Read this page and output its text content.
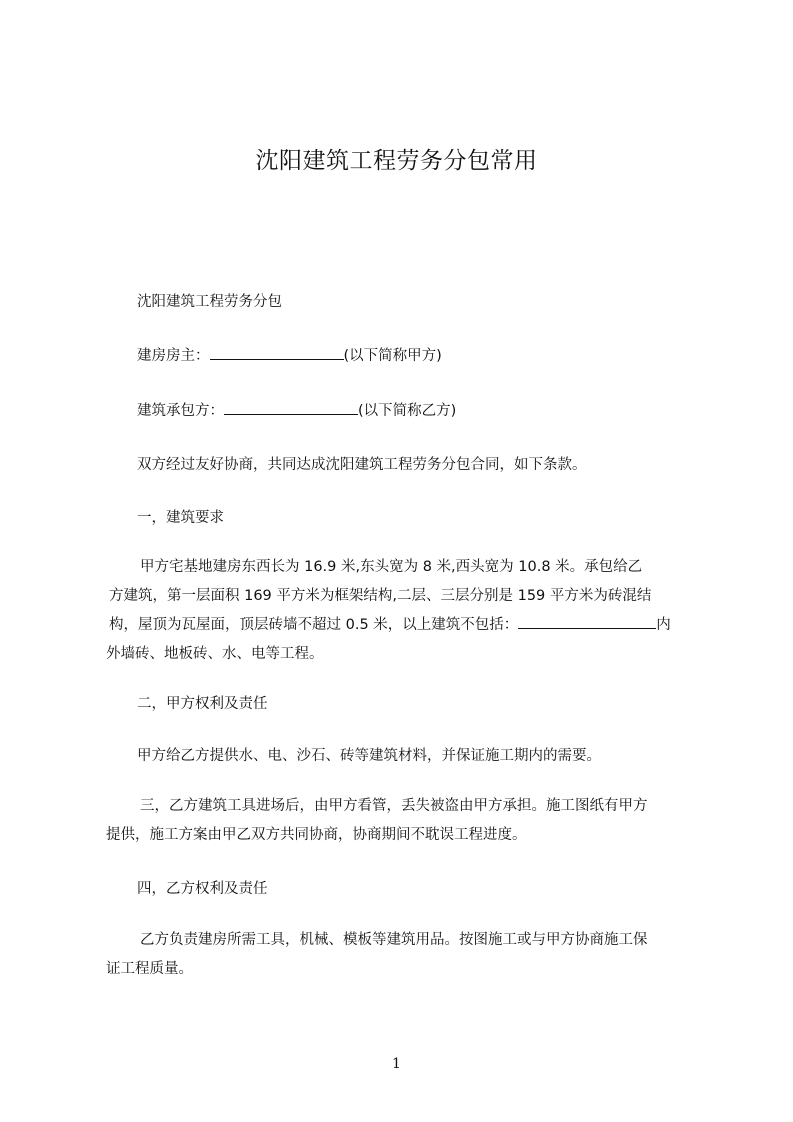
沈阳建筑工程劳务分包常用
沈阳建筑工程劳务分包
建房房主：	(以下简称甲方)
建筑承包方：	(以下简称乙方)
双方经过友好协商，共同达成沈阳建筑工程劳务分包合同，如下条款。
一，建筑要求
甲方宅基地建房东西长为 16.9 米,东头宽为 8 米,西头宽为 10.8 米。承包给乙
方建筑，第一层面积 169 平方米为框架结构,二层、三层分别是 159 平方米为砖混结
构，屋顶为瓦屋面，顶层砖墙不超过 0.5 米，以上建筑不包括：	内
外墙砖、地板砖、水、电等工程。
二，甲方权利及责任
甲方给乙方提供水、电、沙石、砖等建筑材料，并保证施工期内的需要。
三，乙方建筑工具进场后，由甲方看管，丢失被盗由甲方承担。施工图纸有甲方
提供，施工方案由甲乙双方共同协商，协商期间不耽误工程进度。
四，乙方权利及责任
乙方负责建房所需工具，机械、模板等建筑用品。按图施工或与甲方协商施工保
证工程质量。
1
